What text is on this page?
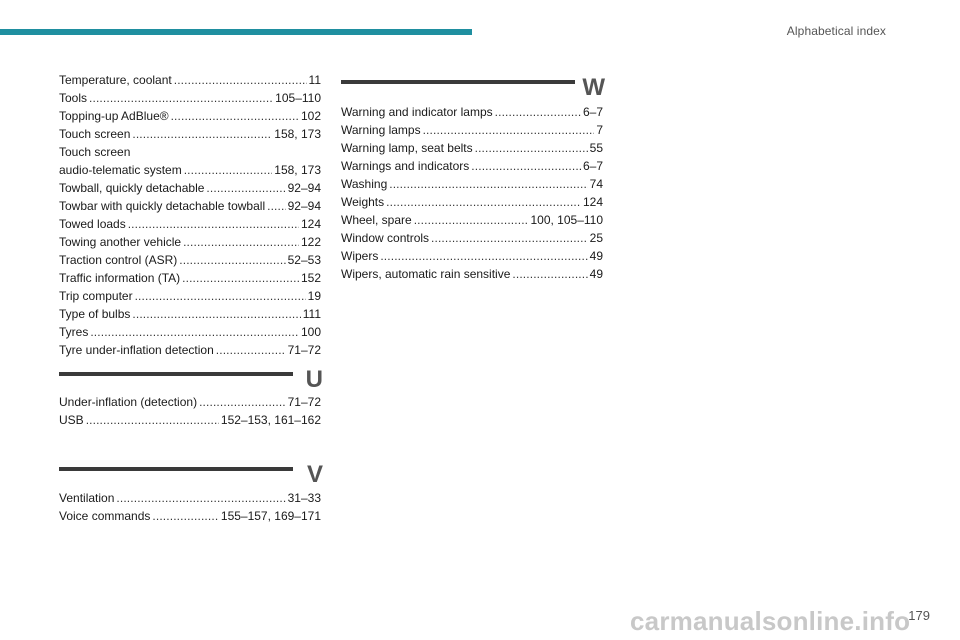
Alphabetical index
Temperature, coolant . . .	11
Tools . . .	105–110
Topping-up AdBlue® . . .	102
Touch screen . . .	158, 173
Touch screen
audio-telematic system . . .	158, 173
Towball, quickly detachable . . .	92–94
Towbar with quickly detachable towball . . . 92–94
Towed loads . . .	124
Towing another vehicle . . .	122
Traction control (ASR) . . .	52–53
Traffic information (TA) . . .	152
Trip computer . . .	19
Type of bulbs . . .	111
Tyres . . .	100
Tyre under-inflation detection . . .	71–72
U
Under-inflation (detection) . . .	71–72
USB . . .	152–153, 161–162
V
Ventilation . . .	31–33
Voice commands . . .	155–157, 169–171
W
Warning and indicator lamps . . .	6–7
Warning lamps . . .	7
Warning lamp, seat belts . . .	55
Warnings and indicators . . .	6–7
Washing . . .	74
Weights . . .	124
Wheel, spare . . .	100, 105–110
Window controls . . .	25
Wipers . . .	49
Wipers, automatic rain sensitive . . .	49
carmanualsonline.info
179
